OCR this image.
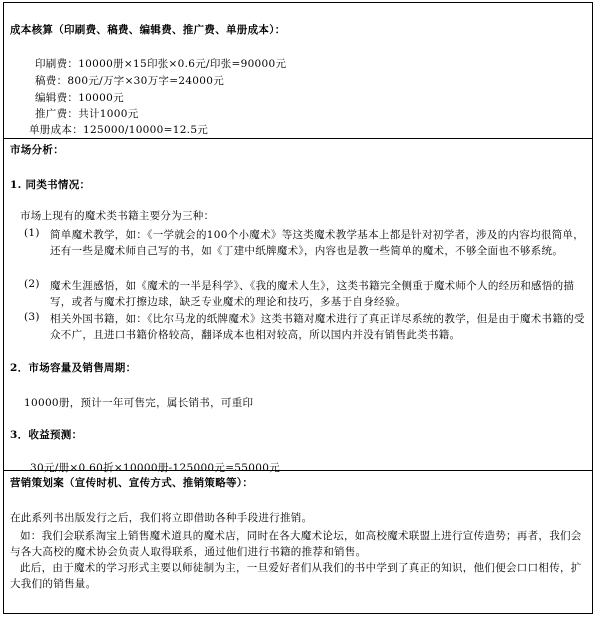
成本核算（印刷费、稿费、编辑费、推广费、单册成本）：
印刷费：10000册×15印张×0.6元/印张=90000元
稿费：800元/万字×30万字=24000元
编辑费：10000元
推广费：共计1000元
单册成本：125000/10000=12.5元
市场分析：
1. 同类书情况：
市场上现有的魔术类书籍主要分为三种：
(1) 简单魔术教学，如：《一学就会的100个小魔术》等这类魔术教学基本上都是针对初学者，涉及的内容均很简单，还有一些是魔术师自己写的书，如《丁建中纸牌魔术》，内容也是教一些简单的魔术，不够全面也不够系统。
(2) 魔术生涯感悟，如《魔术的一半是科学》、《我的魔术人生》，这类书籍完全侧重于魔术师个人的经历和感悟的描写，或者与魔术打擦边球，缺乏专业魔术的理论和技巧，多基于自身经验。
(3) 相关外国书籍，如：《比尔马龙的纸牌魔术》这类书籍对魔术进行了真正详尽系统的教学，但是由于魔术书籍的受众不广，且进口书籍价格较高，翻译成本也相对较高，所以国内并没有销售此类书籍。
2．市场容量及销售周期：
10000册，预计一年可售完，属长销书，可重印
3．收益预测：
30元/册×0.60折×10000册-125000元=55000元
营销策划案（宣传时机、宣传方式、推销策略等）：
在此系列书出版发行之后，我们将立即借助各种手段进行推销。
如：我们会联系淘宝上销售魔术道具的魔术店，同时在各大魔术论坛，如高校魔术联盟上进行宣传造势；再者，我们会与各大高校的魔术协会负责人取得联系，通过他们进行书籍的推荐和销售。
此后，由于魔术的学习形式主要以师徒制为主，一旦爱好者们从我们的书中学到了真正的知识，他们便会口口相传，扩大我们的销售量。
